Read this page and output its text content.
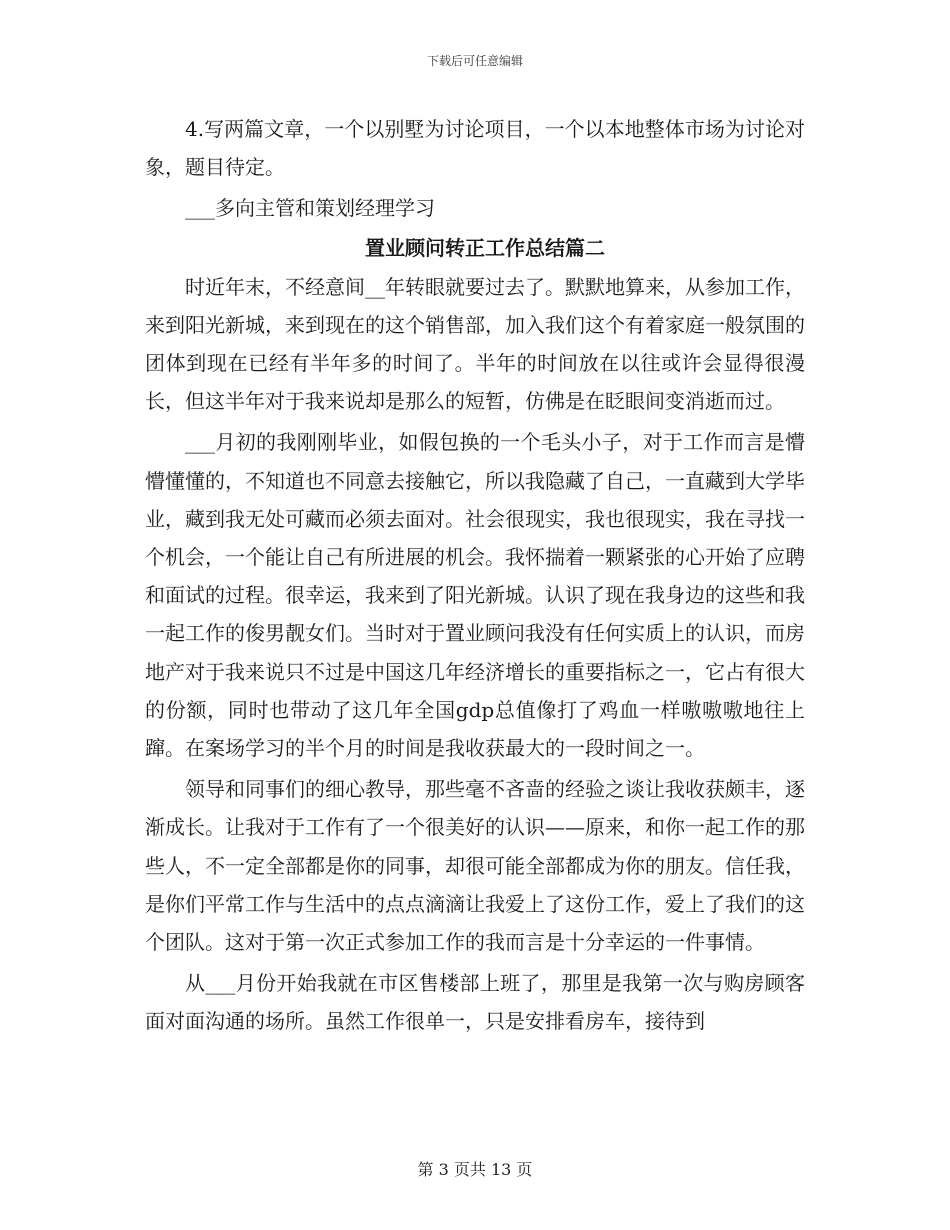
下载后可任意编辑

4.写两篇文章，一个以别墅为讨论项目，一个以本地整体市场为讨论对象，题目待定。

___多向主管和策划经理学习

置业顾问转正工作总结篇二

时近年末，不经意间__年转眼就要过去了。默默地算来，从参加工作，来到阳光新城，来到现在的这个销售部，加入我们这个有着家庭一般氛围的团体到现在已经有半年多的时间了。半年的时间放在以往或许会显得很漫长，但这半年对于我来说却是那么的短暂，仿佛是在眨眼间变消逝而过。

___月初的我刚刚毕业，如假包换的一个毛头小子，对于工作而言是懵懵懂懂的，不知道也不同意去接触它，所以我隐藏了自己，一直藏到大学毕业，藏到我无处可藏而必须去面对。社会很现实，我也很现实，我在寻找一个机会，一个能让自己有所进展的机会。我怀揣着一颗紧张的心开始了应聘和面试的过程。很幸运，我来到了阳光新城。认识了现在我身边的这些和我一起工作的俊男靓女们。当时对于置业顾问我没有任何实质上的认识，而房地产对于我来说只不过是中国这几年经济增长的重要指标之一，它占有很大的份额，同时也带动了这几年全国gdp总值像打了鸡血一样嗷嗷嗷地往上蹿。在案场学习的半个月的时间是我收获最大的一段时间之一。

领导和同事们的细心教导，那些毫不吝啬的经验之谈让我收获颇丰，逐渐成长。让我对于工作有了一个很美好的认识——原来，和你一起工作的那些人，不一定全部都是你的同事，却很可能全部都成为你的朋友。信任我，是你们平常工作与生活中的点点滴滴让我爱上了这份工作，爱上了我们的这个团队。这对于第一次正式参加工作的我而言是十分幸运的一件事情。

从___月份开始我就在市区售楼部上班了，那里是我第一次与购房顾客面对面沟通的场所。虽然工作很单一，只是安排看房车，接待到

第 3 页共 13 页
